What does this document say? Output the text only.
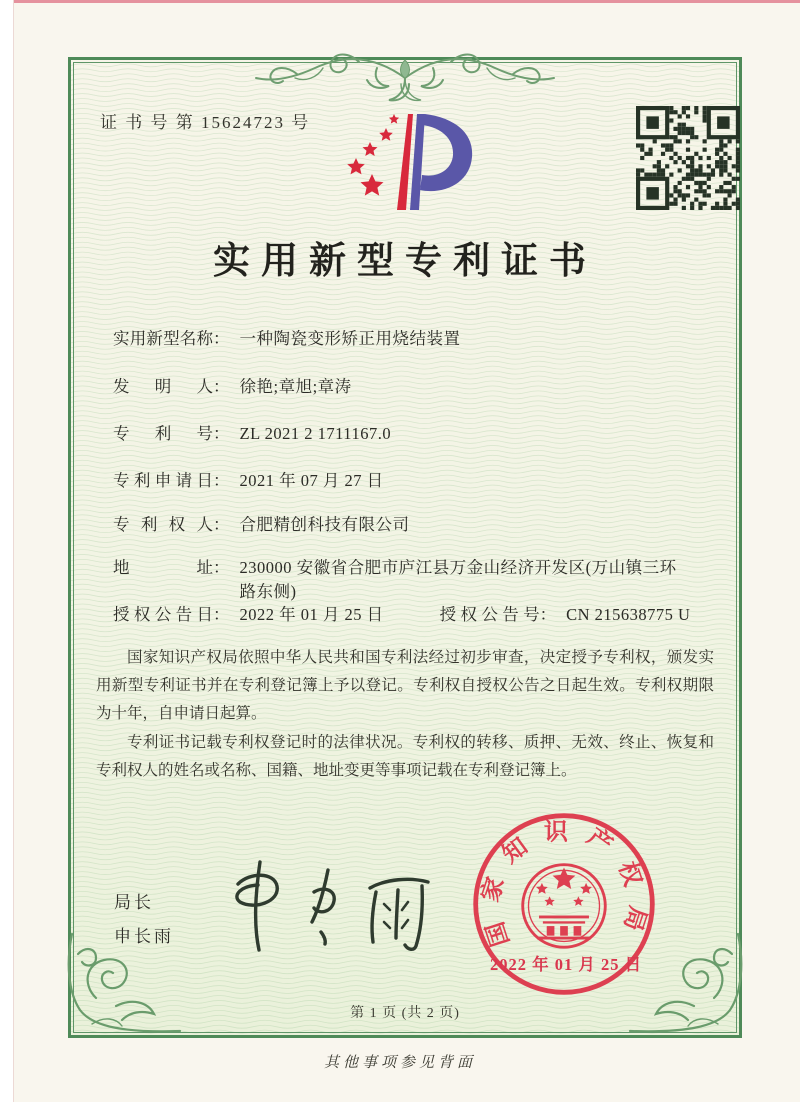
证 书 号 第 15624723 号
实用新型专利证书
实用新型名称 ： 一种陶瓷变形矫正用烧结装置
发明人 ： 徐艳;章旭;章涛
专利号 ： ZL 2021 2 1711167.0
专利申请日 ： 2021 年 07 月 27 日
专利权人 ： 合肥精创科技有限公司
地址 ： 230000 安徽省合肥市庐江县万金山经济开发区(万山镇三环路东侧)
授权公告日 ： 2022 年 01 月 25 日	授权公告号 ： CN 215638775 U

国家知识产权局依照中华人民共和国专利法经过初步审查，决定授予专利权，颁发实用新型专利证书并在专利登记簿上予以登记。专利权自授权公告之日起生效。专利权期限为十年，自申请日起算。

专利证书记载专利权登记时的法律状况。专利权的转移、质押、无效、终止、恢复和专利权人的姓名或名称、国籍、地址变更等事项记载在专利登记簿上。

局长
申长雨	国家知识产权局
2022 年 01 月 25 日
第 1 页 (共 2 页)
其他事项参见背面
